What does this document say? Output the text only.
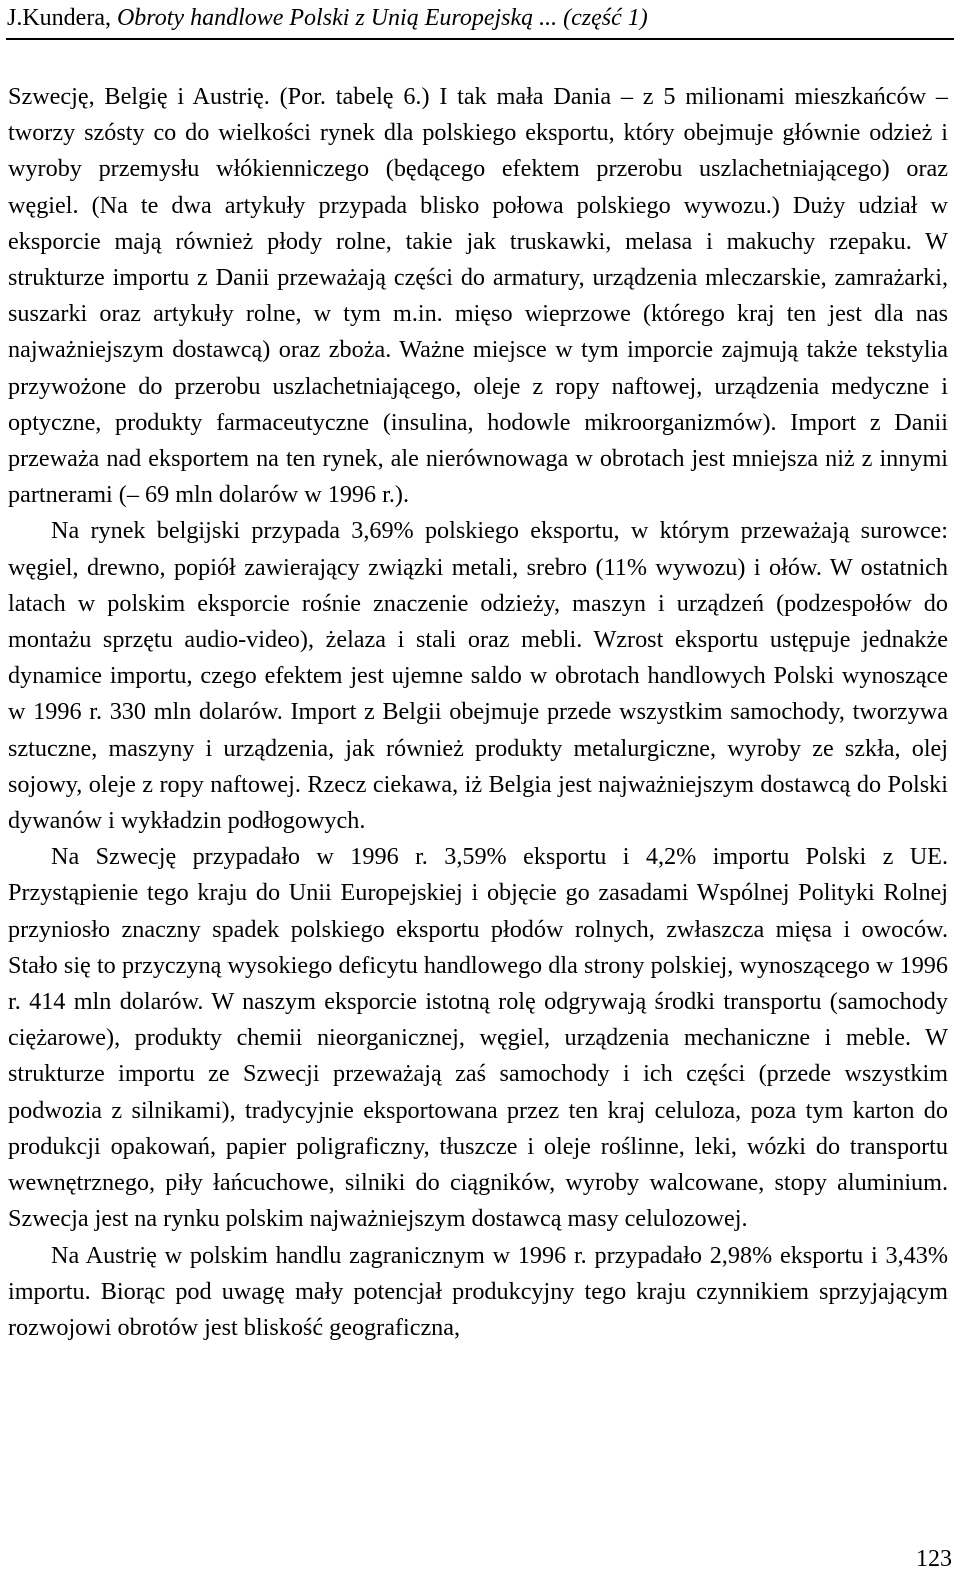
J.Kundera, Obroty handlowe Polski z Unią Europejską ... (część 1)

Szwecję, Belgię i Austrię. (Por. tabelę 6.) I tak mała Dania – z 5 milionami mieszkańców – tworzy szósty co do wielkości rynek dla polskiego eksportu, który obejmuje głównie odzież i wyroby przemysłu włókienniczego (będącego efektem przerobu uszlachetniającego) oraz węgiel. (Na te dwa artykuły przypada blisko połowa polskiego wywozu.) Duży udział w eksporcie mają również płody rolne, takie jak truskawki, melasa i makuchy rzepaku. W strukturze importu z Danii przeważają części do armatury, urządzenia mleczarskie, zamrażarki, suszarki oraz artykuły rolne, w tym m.in. mięso wieprzowe (którego kraj ten jest dla nas najważniejszym dostawcą) oraz zboża. Ważne miejsce w tym imporcie zajmują także tekstylia przywożone do przerobu uszlachetniającego, oleje z ropy naftowej, urządzenia medyczne i optyczne, produkty farmaceutyczne (insulina, hodowle mikroorganizmów). Import z Danii przeważa nad eksportem na ten rynek, ale nierównowaga w obrotach jest mniejsza niż z innymi partnerami (– 69 mln dolarów w 1996 r.).

Na rynek belgijski przypada 3,69% polskiego eksportu, w którym przeważają surowce: węgiel, drewno, popiół zawierający związki metali, srebro (11% wywozu) i ołów. W ostatnich latach w polskim eksporcie rośnie znaczenie odzieży, maszyn i urządzeń (podzespołów do montażu sprzętu audio-video), żelaza i stali oraz mebli. Wzrost eksportu ustępuje jednakże dynamice importu, czego efektem jest ujemne saldo w obrotach handlowych Polski wynoszące w 1996 r. 330 mln dolarów. Import z Belgii obejmuje przede wszystkim samochody, tworzywa sztuczne, maszyny i urządzenia, jak również produkty metalurgiczne, wyroby ze szkła, olej sojowy, oleje z ropy naftowej. Rzecz ciekawa, iż Belgia jest najważniejszym dostawcą do Polski dywanów i wykładzin podłogowych.

Na Szwecję przypadało w 1996 r. 3,59% eksportu i 4,2% importu Polski z UE. Przystąpienie tego kraju do Unii Europejskiej i objęcie go zasadami Wspólnej Polityki Rolnej przyniosło znaczny spadek polskiego eksportu płodów rolnych, zwłaszcza mięsa i owoców. Stało się to przyczyną wysokiego deficytu handlowego dla strony polskiej, wynoszącego w 1996 r. 414 mln dolarów. W naszym eksporcie istotną rolę odgrywają środki transportu (samochody ciężarowe), produkty chemii nieorganicznej, węgiel, urządzenia mechaniczne i meble. W strukturze importu ze Szwecji przeważają zaś samochody i ich części (przede wszystkim podwozia z silnikami), tradycyjnie eksportowana przez ten kraj celuloza, poza tym karton do produkcji opakowań, papier poligraficzny, tłuszcze i oleje roślinne, leki, wózki do transportu wewnętrznego, piły łańcuchowe, silniki do ciągników, wyroby walcowane, stopy aluminium. Szwecja jest na rynku polskim najważniejszym dostawcą masy celulozowej.

Na Austrię w polskim handlu zagranicznym w 1996 r. przypadało 2,98% eksportu i 3,43% importu. Biorąc pod uwagę mały potencjał produkcyjny tego kraju czynnikiem sprzyjającym rozwojowi obrotów jest bliskość geograficzna,

123
